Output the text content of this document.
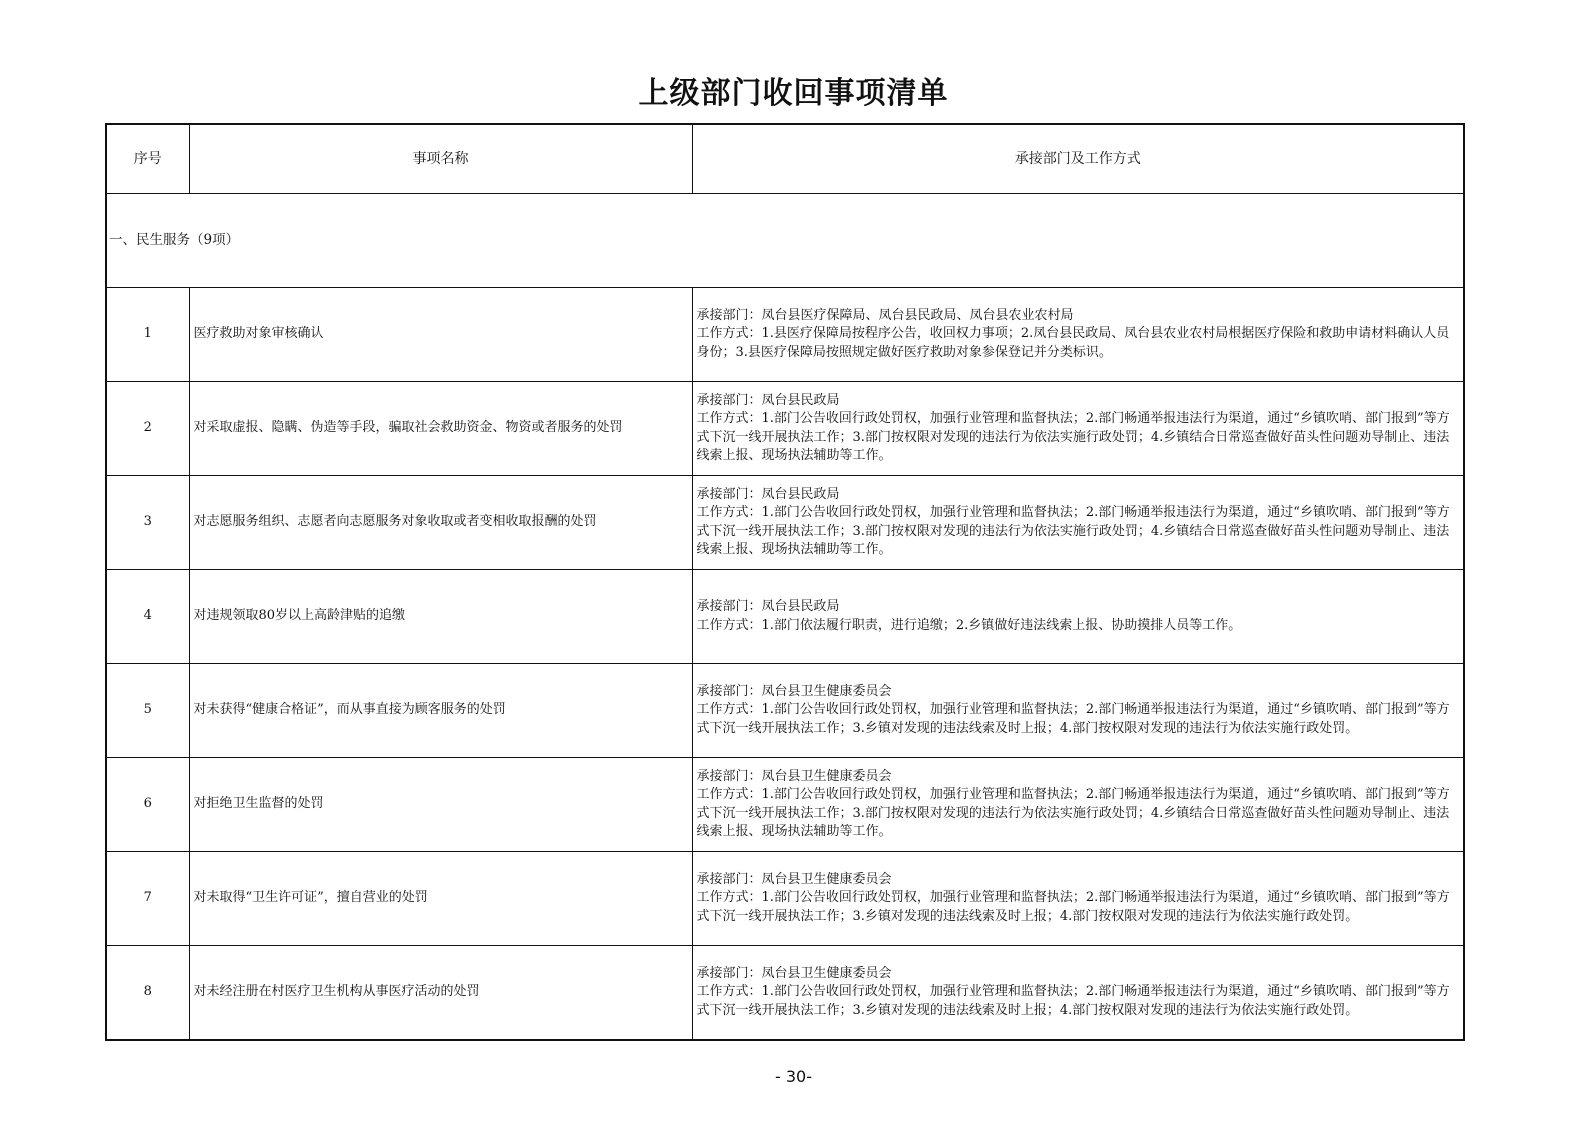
上级部门收回事项清单
序号	事项名称	承接部门及工作方式
一、民生服务（9项）		
1	医疗救助对象审核确认	承接部门：凤台县医疗保障局、凤台县民政局、凤台县农业农村局
工作方式：1.县医疗保障局按程序公告，收回权力事项；2.凤台县民政局、凤台县农业农村局根据医疗保险和救助申请材料确认人员身份；3.县医疗保障局按照规定做好医疗救助对象参保登记并分类标识。

2	对采取虚报、隐瞒、伪造等手段，骗取社会救助资金、物资或者服务的处罚	承接部门：凤台县民政局
工作方式：1.部门公告收回行政处罚权，加强行业管理和监督执法；2.部门畅通举报违法行为渠道，通过“乡镇吹哨、部门报到”等方式下沉一线开展执法工作；3.部门按权限对发现的违法行为依法实施行政处罚；4.乡镇结合日常巡查做好苗头性问题劝导制止、违法线索上报、现场执法辅助等工作。

3	对志愿服务组织、志愿者向志愿服务对象收取或者变相收取报酬的处罚	承接部门：凤台县民政局
工作方式：1.部门公告收回行政处罚权，加强行业管理和监督执法；2.部门畅通举报违法行为渠道，通过“乡镇吹哨、部门报到”等方式下沉一线开展执法工作；3.部门按权限对发现的违法行为依法实施行政处罚；4.乡镇结合日常巡查做好苗头性问题劝导制止、违法线索上报、现场执法辅助等工作。

4	对违规领取80岁以上高龄津贴的追缴	承接部门：凤台县民政局
工作方式：1.部门依法履行职责，进行追缴；2.乡镇做好违法线索上报、协助摸排人员等工作。

5	对未获得“健康合格证”，而从事直接为顾客服务的处罚	承接部门：凤台县卫生健康委员会
工作方式：1.部门公告收回行政处罚权，加强行业管理和监督执法；2.部门畅通举报违法行为渠道，通过“乡镇吹哨、部门报到”等方式下沉一线开展执法工作；3.乡镇对发现的违法线索及时上报；4.部门按权限对发现的违法行为依法实施行政处罚。

6	对拒绝卫生监督的处罚	承接部门：凤台县卫生健康委员会
工作方式：1.部门公告收回行政处罚权，加强行业管理和监督执法；2.部门畅通举报违法行为渠道，通过“乡镇吹哨、部门报到”等方式下沉一线开展执法工作；3.部门按权限对发现的违法行为依法实施行政处罚；4.乡镇结合日常巡查做好苗头性问题劝导制止、违法线索上报、现场执法辅助等工作。

7	对未取得“卫生许可证”，擅自营业的处罚	承接部门：凤台县卫生健康委员会
工作方式：1.部门公告收回行政处罚权，加强行业管理和监督执法；2.部门畅通举报违法行为渠道，通过“乡镇吹哨、部门报到”等方式下沉一线开展执法工作；3.乡镇对发现的违法线索及时上报；4.部门按权限对发现的违法行为依法实施行政处罚。

8	对未经注册在村医疗卫生机构从事医疗活动的处罚	承接部门：凤台县卫生健康委员会
工作方式：1.部门公告收回行政处罚权，加强行业管理和监督执法；2.部门畅通举报违法行为渠道，通过“乡镇吹哨、部门报到”等方式下沉一线开展执法工作；3.乡镇对发现的违法线索及时上报；4.部门按权限对发现的违法行为依法实施行政处罚。
- 30-
